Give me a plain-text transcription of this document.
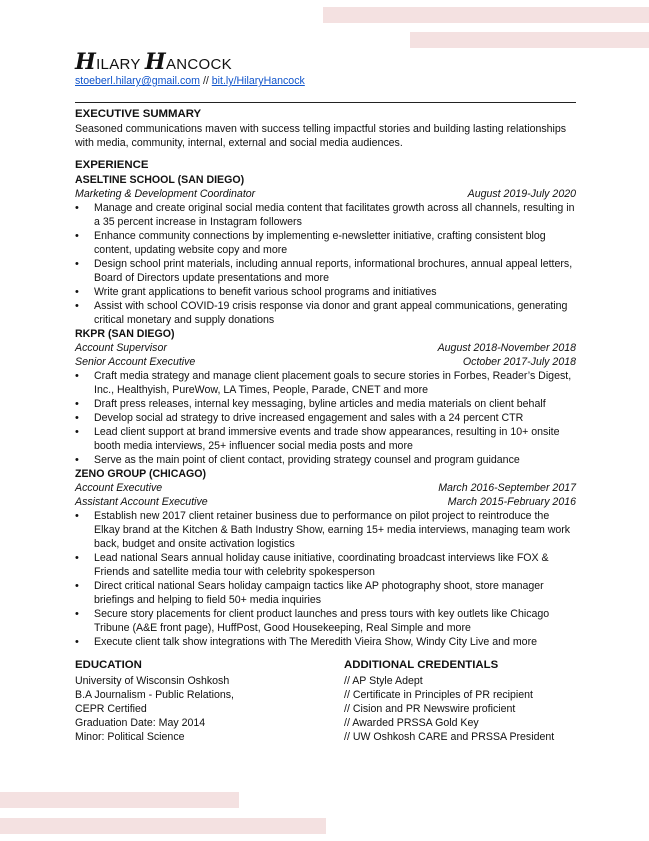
HILARY HANCOCK
stoeberl.hilary@gmail.com // bit.ly/HilaryHancock
EXECUTIVE SUMMARY
Seasoned communications maven with success telling impactful stories and building lasting relationships with media, community, internal, external and social media audiences.
EXPERIENCE
ASELTINE SCHOOL (SAN DIEGO)
Marketing & Development Coordinator	August 2019-July 2020
• Manage and create original social media content that facilitates growth across all channels, resulting in a 35 percent increase in Instagram followers
• Enhance community connections by implementing e-newsletter initiative, crafting consistent blog content, updating website copy and more
• Design school print materials, including annual reports, informational brochures, annual appeal letters, Board of Directors update presentations and more
• Write grant applications to benefit various school programs and initiatives
• Assist with school COVID-19 crisis response via donor and grant appeal communications, generating critical monetary and supply donations
RKPR (SAN DIEGO)
Account Supervisor	August 2018-November 2018
Senior Account Executive	October 2017-July 2018
• Craft media strategy and manage client placement goals to secure stories in Forbes, Reader’s Digest, Inc., Healthyish, PureWow, LA Times, People, Parade, CNET and more
• Draft press releases, internal key messaging, byline articles and media materials on client behalf
• Develop social ad strategy to drive increased engagement and sales with a 24 percent CTR
• Lead client support at brand immersive events and trade show appearances, resulting in 10+ onsite booth media interviews, 25+ influencer social media posts and more
• Serve as the main point of client contact, providing strategy counsel and program guidance
ZENO GROUP (CHICAGO)
Account Executive	March 2016-September 2017
Assistant Account Executive	March 2015-February 2016
• Establish new 2017 client retainer business due to performance on pilot project to reintroduce the Elkay brand at the Kitchen & Bath Industry Show, earning 15+ media interviews, managing team work back, budget and onsite activation logistics
• Lead national Sears annual holiday cause initiative, coordinating broadcast interviews like FOX & Friends and satellite media tour with celebrity spokesperson
• Direct critical national Sears holiday campaign tactics like AP photography shoot, store manager briefings and helping to field 50+ media inquiries
• Secure story placements for client product launches and press tours with key outlets like Chicago Tribune (A&E front page), HuffPost, Good Housekeeping, Real Simple and more
• Execute client talk show integrations with The Meredith Vieira Show, Windy City Live and more
EDUCATION
University of Wisconsin Oshkosh
B.A Journalism - Public Relations,
CEPR Certified
Graduation Date: May 2014
Minor: Political Science
ADDITIONAL CREDENTIALS
// AP Style Adept
// Certificate in Principles of PR recipient
// Cision and PR Newswire proficient
// Awarded PRSSA Gold Key
// UW Oshkosh CARE and PRSSA President
